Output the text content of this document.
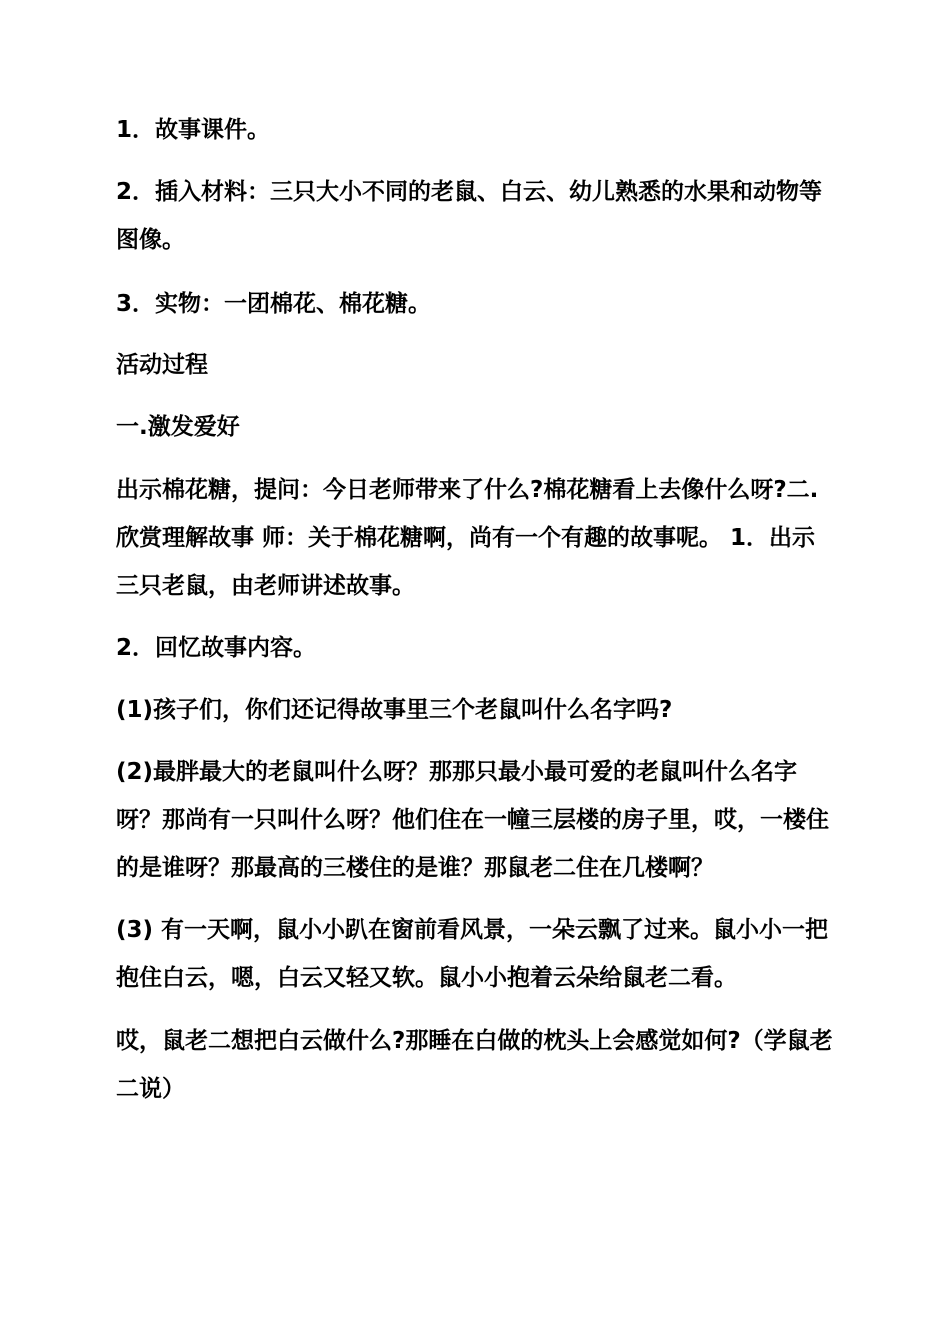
1．故事课件。

2．插入材料：三只大小不同的老鼠、白云、幼儿熟悉的水果和动物等图像。

3．实物：一团棉花、棉花糖。

活动过程

一.激发爱好

出示棉花糖，提问：今日老师带来了什么?棉花糖看上去像什么呀?二.欣赏理解故事 师：关于棉花糖啊，尚有一个有趣的故事呢。 1．出示三只老鼠，由老师讲述故事。

2．回忆故事内容。

(1)孩子们，你们还记得故事里三个老鼠叫什么名字吗?

(2)最胖最大的老鼠叫什么呀？那那只最小最可爱的老鼠叫什么名字呀？那尚有一只叫什么呀？他们住在一幢三层楼的房子里，哎，一楼住的是谁呀？那最高的三楼住的是谁？那鼠老二住在几楼啊？

(3) 有一天啊，鼠小小趴在窗前看风景，一朵云飘了过来。鼠小小一把抱住白云，嗯，白云又轻又软。鼠小小抱着云朵给鼠老二看。

哎，鼠老二想把白云做什么?那睡在白做的枕头上会感觉如何?（学鼠老二说）
